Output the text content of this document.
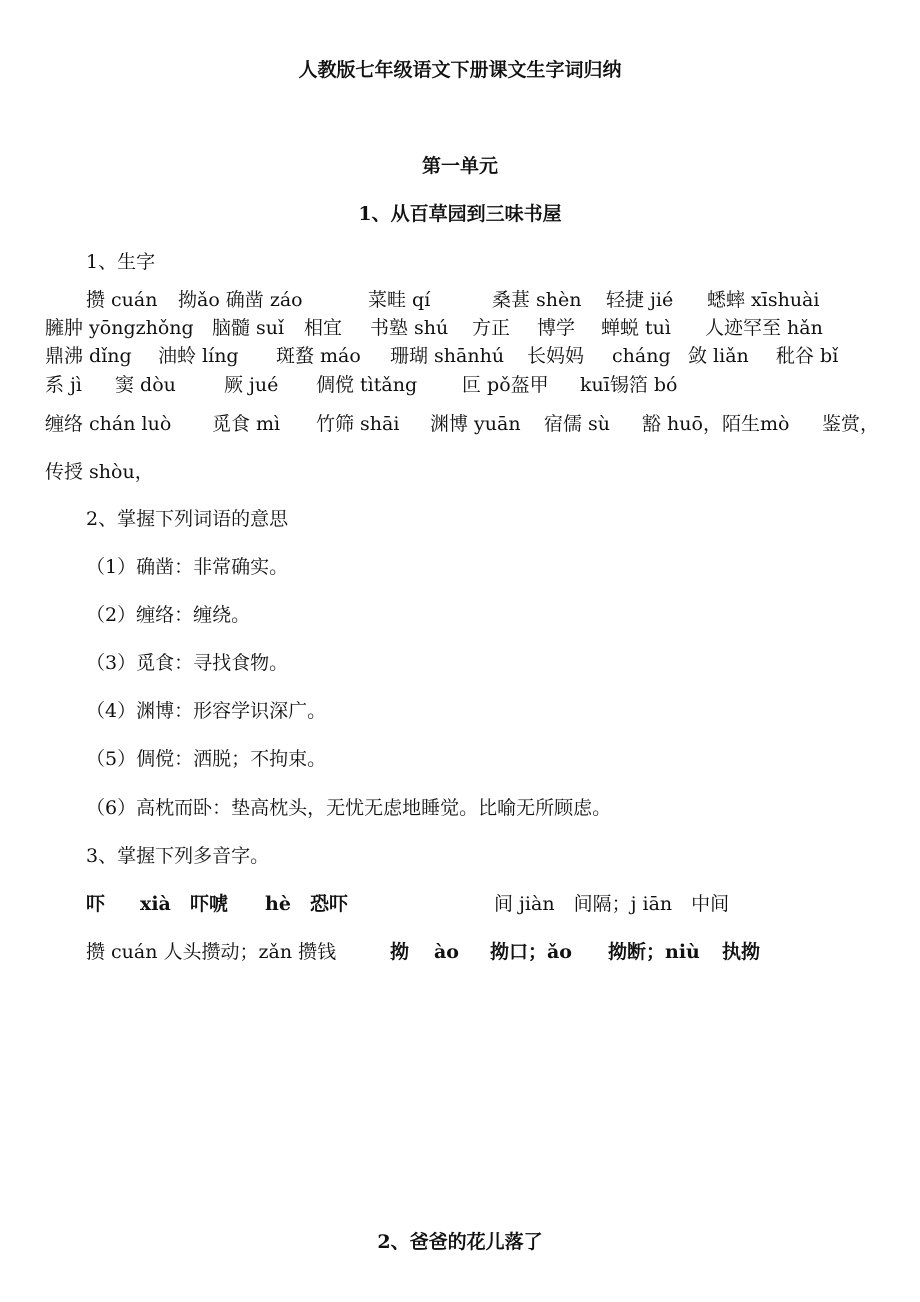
人教版七年级语文下册课文生字词归纳
第一单元
1、从百草园到三味书屋
1、生字
攒 cuán 拗ǎo 确凿 záo	菜畦 qí	桑葚 shèn 轻捷 jié 蟋蟀 xīshuài
臃肿 yōngzhǒng 脑髓 suǐ 相宜 书塾 shú 方正 博学 蝉蜕 tuì 人迹罕至 hǎn
鼎沸 dǐng 油蛉 líng 斑蝥 máo 珊瑚 shānhú 长妈妈 cháng 敛 liǎn 秕谷 bǐ
系 jì 窦 dòu	厥 jué 倜傥 tìtǎng 叵 pǒ盔甲 kuī锡箔 bó
缠络 chán luò 觅食 mì 竹筛 shāi 渊博 yuān 宿儒 sù 豁 huō，陌生mò 鉴赏，
传授 shòu，
2、掌握下列词语的意思
（1）确凿：非常确实。
（2）缠络：缠绕。
（3）觅食：寻找食物。
（4）渊博：形容学识深广。
（5）倜傥：洒脱；不拘束。
（6）高枕而卧：垫高枕头，无忧无虑地睡觉。比喻无所顾虑。
3、掌握下列多音字。
吓 xià 吓唬 hè 恐吓	间 jiàn　间隔；j iān　中间
攒 cuán 人头攒动；zǎn 攒钱	拗 ào 拗口；ǎo 拗断；niù 执拗
2、爸爸的花儿落了
